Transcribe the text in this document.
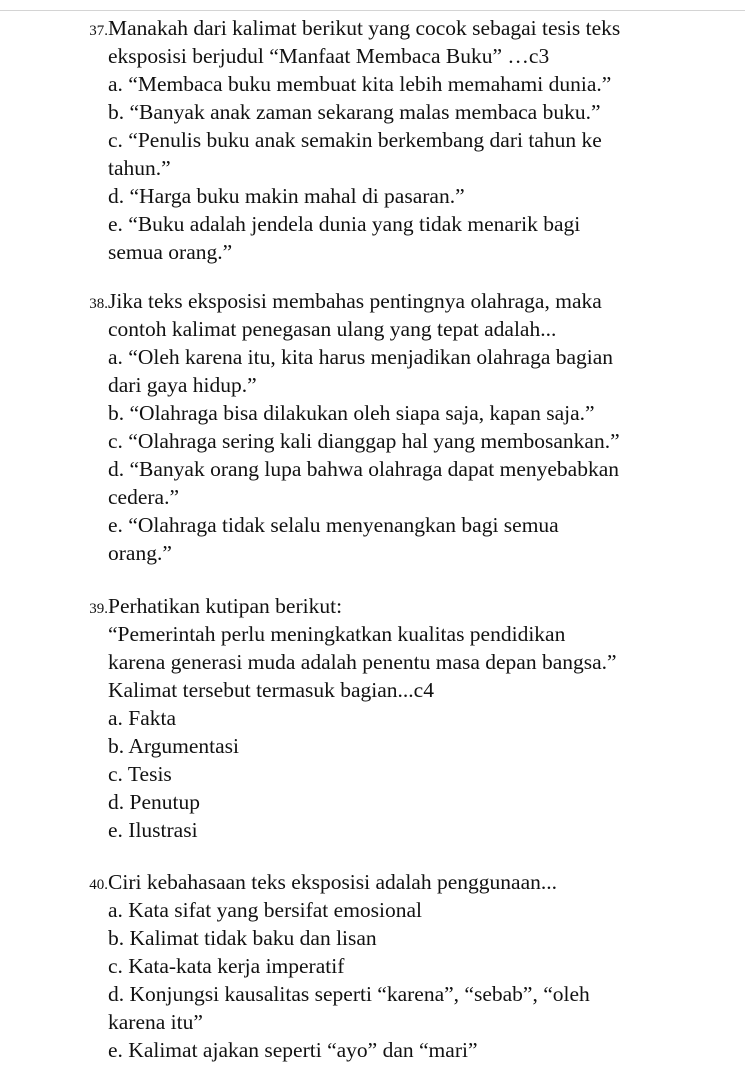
37. Manakah dari kalimat berikut yang cocok sebagai tesis teks
eksposisi berjudul “Manfaat Membaca Buku” …c3
a. “Membaca buku membuat kita lebih memahami dunia.”
b. “Banyak anak zaman sekarang malas membaca buku.”
c. “Penulis buku anak semakin berkembang dari tahun ke
tahun.”
d. “Harga buku makin mahal di pasaran.”
e. “Buku adalah jendela dunia yang tidak menarik bagi
semua orang.”
38. Jika teks eksposisi membahas pentingnya olahraga, maka
contoh kalimat penegasan ulang yang tepat adalah...
a. “Oleh karena itu, kita harus menjadikan olahraga bagian
dari gaya hidup.”
b. “Olahraga bisa dilakukan oleh siapa saja, kapan saja.”
c. “Olahraga sering kali dianggap hal yang membosankan.”
d. “Banyak orang lupa bahwa olahraga dapat menyebabkan
cedera.”
e. “Olahraga tidak selalu menyenangkan bagi semua
orang.”
39. Perhatikan kutipan berikut:
“Pemerintah perlu meningkatkan kualitas pendidikan
karena generasi muda adalah penentu masa depan bangsa.”
Kalimat tersebut termasuk bagian...c4
a. Fakta
b. Argumentasi
c. Tesis
d. Penutup
e. Ilustrasi
40. Ciri kebahasaan teks eksposisi adalah penggunaan...
a. Kata sifat yang bersifat emosional
b. Kalimat tidak baku dan lisan
c. Kata-kata kerja imperatif
d. Konjungsi kausalitas seperti “karena”, “sebab”, “oleh
karena itu”
e. Kalimat ajakan seperti “ayo” dan “mari”
